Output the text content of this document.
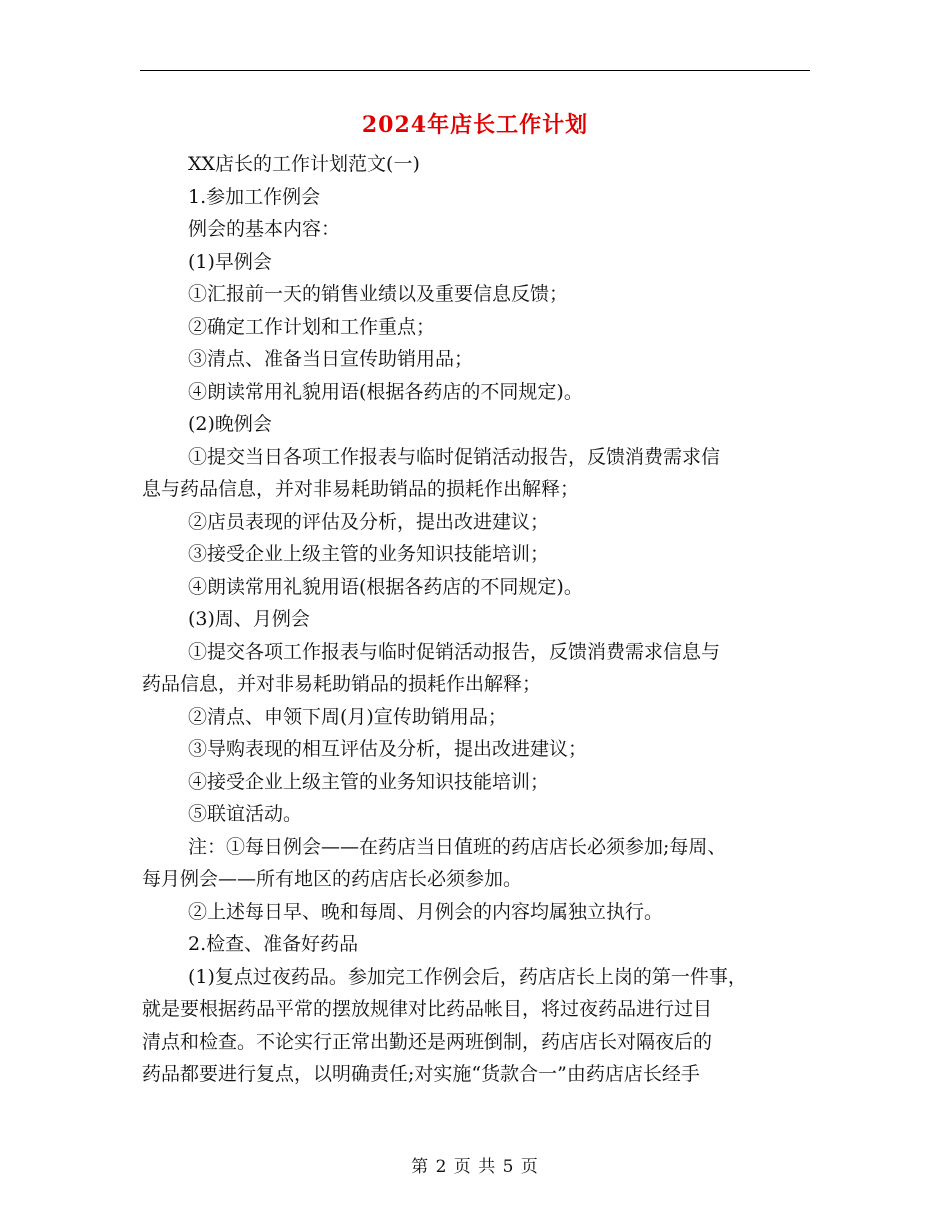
2024年店长工作计划
XX店长的工作计划范文(一)
1.参加工作例会
例会的基本内容：
(1)早例会
①汇报前一天的销售业绩以及重要信息反馈；
②确定工作计划和工作重点；
③清点、准备当日宣传助销用品；
④朗读常用礼貌用语(根据各药店的不同规定)。
(2)晚例会
①提交当日各项工作报表与临时促销活动报告，反馈消费需求信
息与药品信息，并对非易耗助销品的损耗作出解释；
②店员表现的评估及分析，提出改进建议；
③接受企业上级主管的业务知识技能培训；
④朗读常用礼貌用语(根据各药店的不同规定)。
(3)周、月例会
①提交各项工作报表与临时促销活动报告，反馈消费需求信息与
药品信息，并对非易耗助销品的损耗作出解释；
②清点、申领下周(月)宣传助销用品；
③导购表现的相互评估及分析，提出改进建议；
④接受企业上级主管的业务知识技能培训；
⑤联谊活动。
注：①每日例会——在药店当日值班的药店店长必须参加;每周、
每月例会——所有地区的药店店长必须参加。
②上述每日早、晚和每周、月例会的内容均属独立执行。
2.检查、准备好药品
(1)复点过夜药品。参加完工作例会后，药店店长上岗的第一件事，
就是要根据药品平常的摆放规律对比药品帐目，将过夜药品进行过目
清点和检查。不论实行正常出勤还是两班倒制，药店店长对隔夜后的
药品都要进行复点，以明确责任;对实施“货款合一”由药店店长经手
第 2 页 共 5 页
